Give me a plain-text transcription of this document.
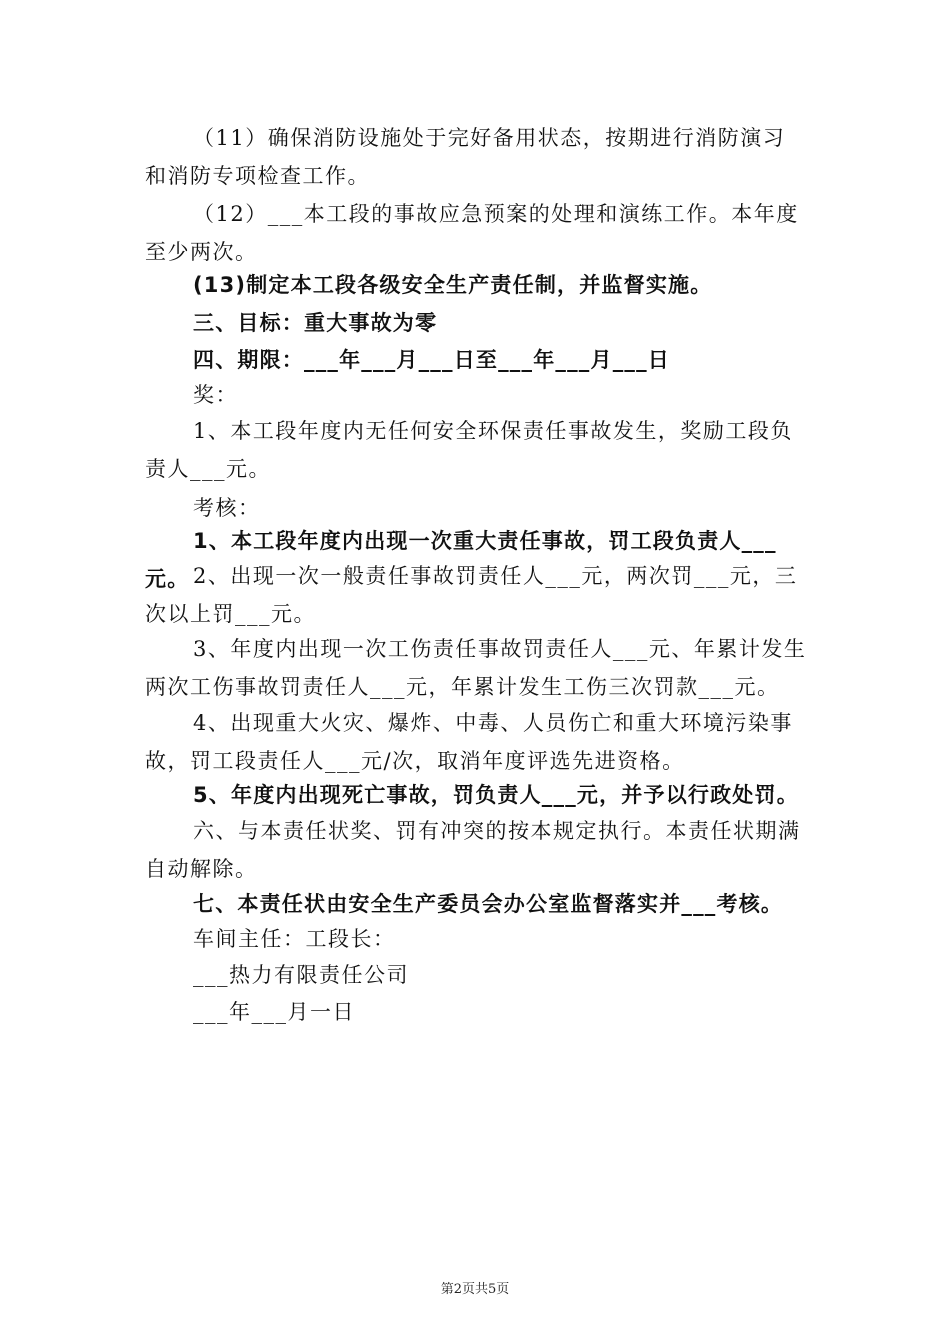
（11）确保消防设施处于完好备用状态，按期进行消防演习和消防专项检查工作。
（12）___本工段的事故应急预案的处理和演练工作。本年度至少两次。
(13)制定本工段各级安全生产责任制，并监督实施。
三、目标：重大事故为零
四、期限：___年___月___日至___年___月___日
奖：
1、本工段年度内无任何安全环保责任事故发生，奖励工段负责人___元。
考核：
1、本工段年度内出现一次重大责任事故，罚工段负责人___元。 2、出现一次一般责任事故罚责任人___元，两次罚___元，三次以上罚___元。
3、年度内出现一次工伤责任事故罚责任人___元、年累计发生两次工伤事故罚责任人___元，年累计发生工伤三次罚款___元。
4、出现重大火灾、爆炸、中毒、人员伤亡和重大环境污染事故，罚工段责任人___元/次，取消年度评选先进资格。
5、年度内出现死亡事故，罚负责人___元，并予以行政处罚。
六、与本责任状奖、罚有冲突的按本规定执行。本责任状期满自动解除。
七、本责任状由安全生产委员会办公室监督落实并___考核。
车间主任：工段长：
___热力有限责任公司
___年___月一日
第2页共5页
